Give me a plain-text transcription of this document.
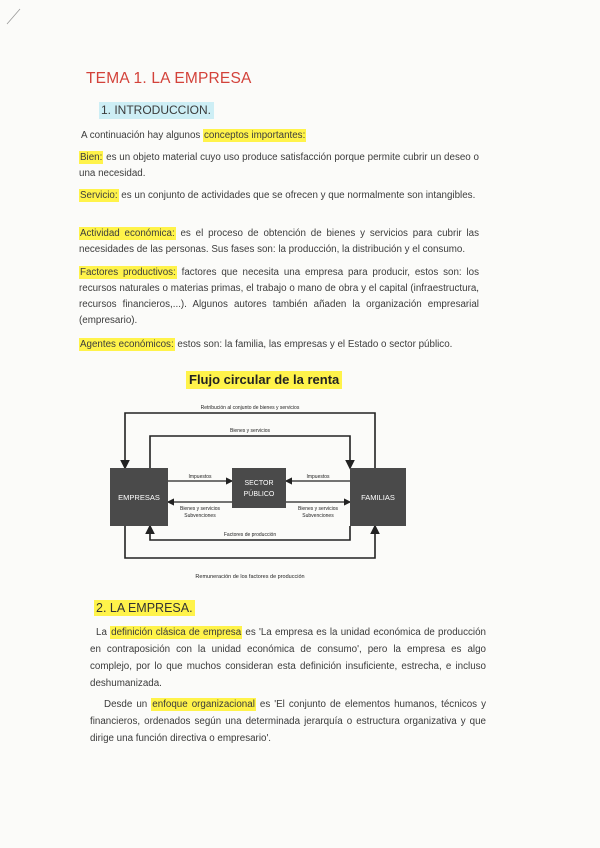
TEMA 1. LA EMPRESA
1. INTRODUCCION.
A continuación hay algunos conceptos importantes:
Bien: es un objeto material cuyo uso produce satisfacción porque permite cubrir un deseo o una necesidad.
Servicio: es un conjunto de actividades que se ofrecen y que normalmente son intangibles.
Actividad económica: es el proceso de obtención de bienes y servicios para cubrir las necesidades de las personas. Sus fases son: la producción, la distribución y el consumo.
Factores productivos: factores que necesita una empresa para producir, estos son: los recursos naturales o materias primas, el trabajo o mano de obra y el capital (infraestructura, recursos financieros,...). Algunos autores también añaden la organización empresarial (empresario).
Agentes económicos: estos son: la familia, las empresas y el Estado o sector público.
Flujo circular de la renta
EMPRESAS	FAMILIAS
SECTOR
PÚBLICO
Retribución al conjunto de bienes y servicios
Bienes y servicios
Impuestos	Impuestos
Bienes y servicios
Subvenciones
Bienes y servicios
Subvenciones
Factores de producción
Remuneración de los factores de producción
2. LA EMPRESA.
La definición clásica de empresa es 'La empresa es la unidad económica de producción en contraposición con la unidad económica de consumo', pero la empresa es algo complejo, por lo que muchos consideran esta definición insuficiente, estrecha, e incluso deshumanizada.
Desde un enfoque organizacional es 'El conjunto de elementos humanos, técnicos y financieros, ordenados según una determinada jerarquía o estructura organizativa y que dirige una función directiva o empresario'.
